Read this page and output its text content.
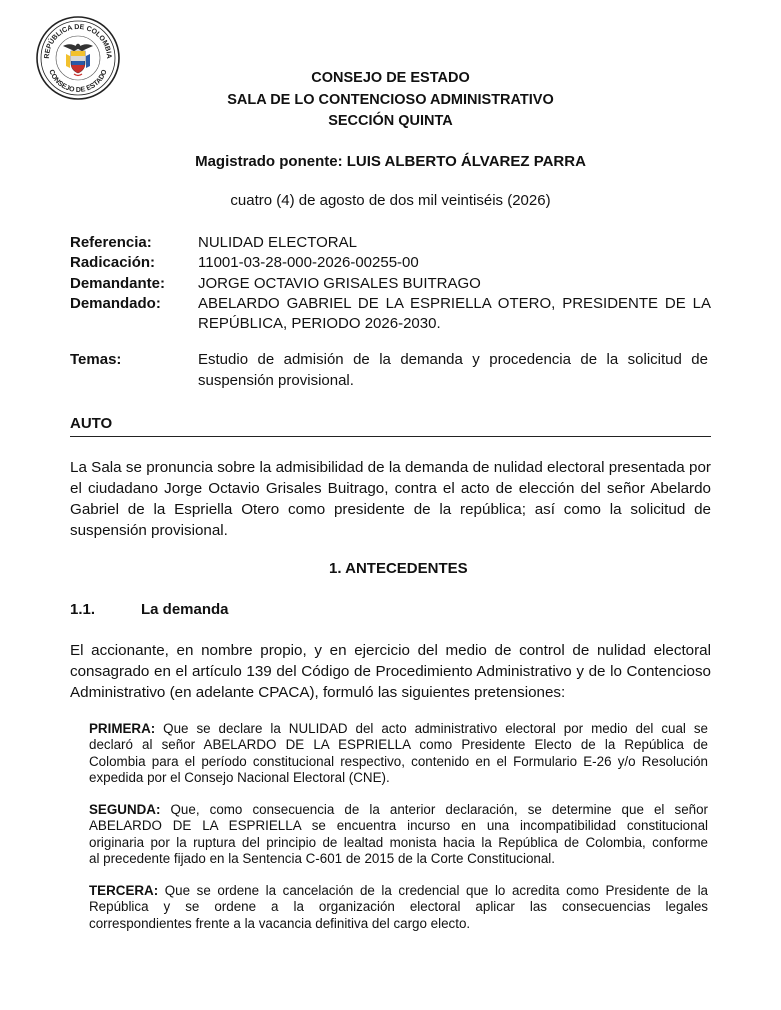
REPÚBLICA DE COLOMBIA
CONSEJO DE ESTADO	CONSEJO DE ESTADO
SALA DE LO CONTENCIOSO ADMINISTRATIVO
SECCIÓN QUINTA
Magistrado ponente: LUIS ALBERTO ÁLVAREZ PARRA
cuatro (4) de agosto de dos mil veintiséis (2026)
Referencia:	NULIDAD ELECTORAL
Radicación:	11001-03-28-000-2026-00255-00
Demandante: JORGE OCTAVIO GRISALES BUITRAGO
Demandado: ABELARDO GABRIEL DE LA ESPRIELLA OTERO, PRESIDENTE DE LA
REPÚBLICA, PERIODO 2026-2030.
Temas:	Estudio de admisión de la demanda y procedencia de la solicitud de
suspensión provisional.
AUTO
La Sala se pronuncia sobre la admisibilidad de la demanda de nulidad electoral presentada por
el ciudadano Jorge Octavio Grisales Buitrago, contra el acto de elección del señor Abelardo
Gabriel de la Espriella Otero como presidente de la república; así como la solicitud de
suspensión provisional.
1. ANTECEDENTES
1.1.	La demanda
El accionante, en nombre propio, y en ejercicio del medio de control de nulidad electoral
consagrado en el artículo 139 del Código de Procedimiento Administrativo y de lo Contencioso
Administrativo (en adelante CPACA), formuló las siguientes pretensiones:
PRIMERA: Que se declare la NULIDAD del acto administrativo electoral por medio del cual se
declaró al señor ABELARDO DE LA ESPRIELLA como Presidente Electo de la República de
Colombia para el período constitucional respectivo, contenido en el Formulario E-26 y/o Resolución
expedida por el Consejo Nacional Electoral (CNE).
SEGUNDA: Que, como consecuencia de la anterior declaración, se determine que el señor
ABELARDO DE LA ESPRIELLA se encuentra incurso en una incompatibilidad constitucional
originaria por la ruptura del principio de lealtad monista hacia la República de Colombia, conforme
al precedente fijado en la Sentencia C-601 de 2015 de la Corte Constitucional.
TERCERA: Que se ordene la cancelación de la credencial que lo acredita como Presidente de la
República y se ordene a la organización electoral aplicar las consecuencias legales
correspondientes frente a la vacancia definitiva del cargo electo.
